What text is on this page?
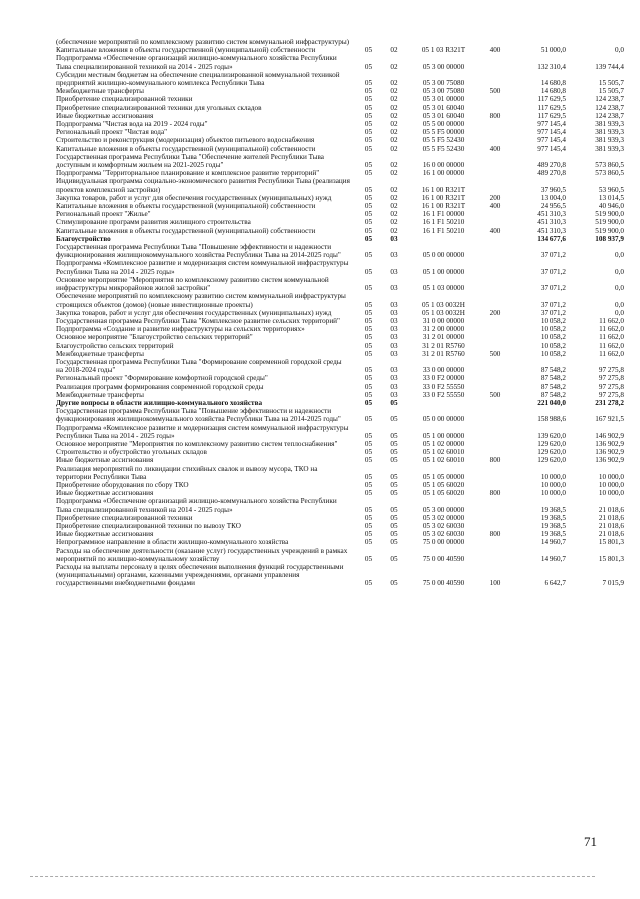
(обеспечение мероприятий по комплексному развитию систем коммунальной инфраструктуры)
Капитальные вложения в объекты государственной (муниципальной) собственности	05	02	05 1 03 R321T	400	51 000,0	0,0
Подпрограмма «Обеспечение организаций жилищно-коммунального хозяйства Республики Тыва специализированной техникой на 2014 - 2025 годы»	05	02	05 3 00 00000	132 310,4	139 744,4
Субсидии местным бюджетам на обеспечение специализированной коммунальной техникой предприятий жилищно-коммунального комплекса Республики Тыва	05	02	05 3 00 75080	14 680,8	15 505,7
Межбюджетные трансферты	05	02	05 3 00 75080	500	14 680,8	15 505,7
Приобретение специализированной техники	05	02	05 3 01 00000	117 629,5	124 238,7
Приобретение специализированной техники для угольных складов	05	02	05 3 01 60040	117 629,5	124 238,7
Иные бюджетные ассигнования	05	02	05 3 01 60040	800	117 629,5	124 238,7
Подпрограмма "Чистая вода на 2019 - 2024 годы"	05	02	05 5 00 00000	977 145,4	381 939,3
Региональный проект "Чистая вода"	05	02	05 5 F5 00000	977 145,4	381 939,3
Строительство и реконструкция (модернизация) объектов питьевого водоснабжения	05	02	05 5 F5 52430	977 145,4	381 939,3
Капитальные вложения в объекты государственной (муниципальной) собственности	05	02	05 5 F5 52430	400	977 145,4	381 939,3
Государственная программа Республики Тыва "Обеспечение жителей Республики Тыва доступным и комфортным жильем на 2021-2025 годы"	05	02	16 0 00 00000	489 270,8	573 860,5
Подпрограмма "Территориальное планирование и комплексное развитие территорий"	05	02	16 1 00 00000	489 270,8	573 860,5
Индивидуальная программа социально-экономического развития Республики Тыва (реализация проектов комплексной застройки)	05	02	16 1 00 R321T	37 960,5	53 960,5
Закупка товаров, работ и услуг для обеспечения государственных (муниципальных) нужд	05	02	16 1 00 R321T	200	13 004,0	13 014,5
Капитальные вложения в объекты государственной (муниципальной) собственности	05	02	16 1 00 R321T	400	24 956,5	40 946,0
Региональный проект "Жилье"	05	02	16 1 F1 00000	451 310,3	519 900,0
Стимулирование программ развития жилищного строительства	05	02	16 1 F1 50210	451 310,3	519 900,0
Капитальные вложения в объекты государственной (муниципальной) собственности	05	02	16 1 F1 50210	400	451 310,3	519 900,0
Благоустройство	05	03	134 677,6	108 937,9
Государственная программа Республики Тыва "Повышение эффективности и надежности функционирования жилищнокоммунального хозяйства Республики Тыва на 2014-2025 годы"	05	03	05 0 00 00000	37 071,2	0,0
Подпрограмма «Комплексное развитие и модернизация систем коммунальной инфраструктуры Республики Тыва на 2014 - 2025 годы»	05	03	05 1 00 00000	37 071,2	0,0
Основное мероприятие "Мероприятия по комплексному развитию систем коммунальной инфраструктуры микрорайонов жилой застройки"	05	03	05 1 03 00000	37 071,2	0,0
Обеспечение мероприятий по комплексному развитию систем коммунальной инфраструктуры строящихся объектов (домов) (новые инвестиционные проекты)	05	03	05 1 03 0032Н	37 071,2	0,0
Закупка товаров, работ и услуг для обеспечения государственных (муниципальных) нужд	05	03	05 1 03 0032Н	200	37 071,2	0,0
Государственная программа Республики Тыва "Комплексное развитие сельских территорий"	05	03	31 0 00 00000	10 058,2	11 662,0
Подпрограмма «Создание и развитие инфраструктуры на сельских территориях»	05	03	31 2 00 00000	10 058,2	11 662,0
Основное мероприятие "Благоустройство сельских территорий"	05	03	31 2 01 00000	10 058,2	11 662,0
Благоустройство сельских территорий	05	03	31 2 01 R5760	10 058,2	11 662,0
Межбюджетные трансферты	05	03	31 2 01 R5760	500	10 058,2	11 662,0
Государственная программа Республики Тыва "Формирование современной городской среды на 2018-2024 годы"	05	03	33 0 00 00000	87 548,2	97 275,8
Региональный проект "Формирование комфортной городской среды"	05	03	33 0 F2 00000	87 548,2	97 275,8
Реализация программ формирования современной городской среды	05	03	33 0 F2 55550	87 548,2	97 275,8
Межбюджетные трансферты	05	03	33 0 F2 55550	500	87 548,2	97 275,8
Другие вопросы в области жилищно-коммунального хозяйства	05	05	221 040,0	231 278,2
Государственная программа Республики Тыва "Повышение эффективности и надежности функционирования жилищнокоммунального хозяйства Республики Тыва на 2014-2025 годы"	05	05	05 0 00 00000	158 988,6	167 921,5
Подпрограмма «Комплексное развитие и модернизация систем коммунальной инфраструктуры Республики Тыва на 2014 - 2025 годы»	05	05	05 1 00 00000	139 620,0	146 902,9
Основное мероприятие "Мероприятия по комплексному развитию систем теплоснабжения"	05	05	05 1 02 00000	129 620,0	136 902,9
Строительство и обустройство угольных складов	05	05	05 1 02 60010	129 620,0	136 902,9
Иные бюджетные ассигнования	05	05	05 1 02 60010	800	129 620,0	136 902,9
Реализация мероприятий по ликвидации стихийных свалок и вывозу мусора, ТКО на территории Республики Тыва	05	05	05 1 05 00000	10 000,0	10 000,0
Приобретение оборудования по сбору ТКО	05	05	05 1 05 60020	10 000,0	10 000,0
Иные бюджетные ассигнования	05	05	05 1 05 60020	800	10 000,0	10 000,0
Подпрограмма «Обеспечение организаций жилищно-коммунального хозяйства Республики Тыва специализированной техникой на 2014 - 2025 годы»	05	05	05 3 00 00000	19 368,5	21 018,6
Приобретение специализированной техники	05	05	05 3 02 00000	19 368,5	21 018,6
Приобретение специализированной техники по вывозу ТКО	05	05	05 3 02 60030	19 368,5	21 018,6
Иные бюджетные ассигнования	05	05	05 3 02 60030	800	19 368,5	21 018,6
Непрограммное направление в области жилищно-коммунального хозяйства	05	05	75 0 00 00000	14 960,7	15 801,3
Расходы на обеспечение деятельности (оказание услуг) государственных учреждений в рамках мероприятий по жилищно-коммунальному хозяйству	05	05	75 0 00 40590	14 960,7	15 801,3
Расходы на выплаты персоналу в целях обеспечения выполнения функций государственными (муниципальными) органами, казенными учреждениями, органами управления государственными внебюджетными фондами	05	05	75 0 00 40590	100	6 642,7	7 015,9
71
